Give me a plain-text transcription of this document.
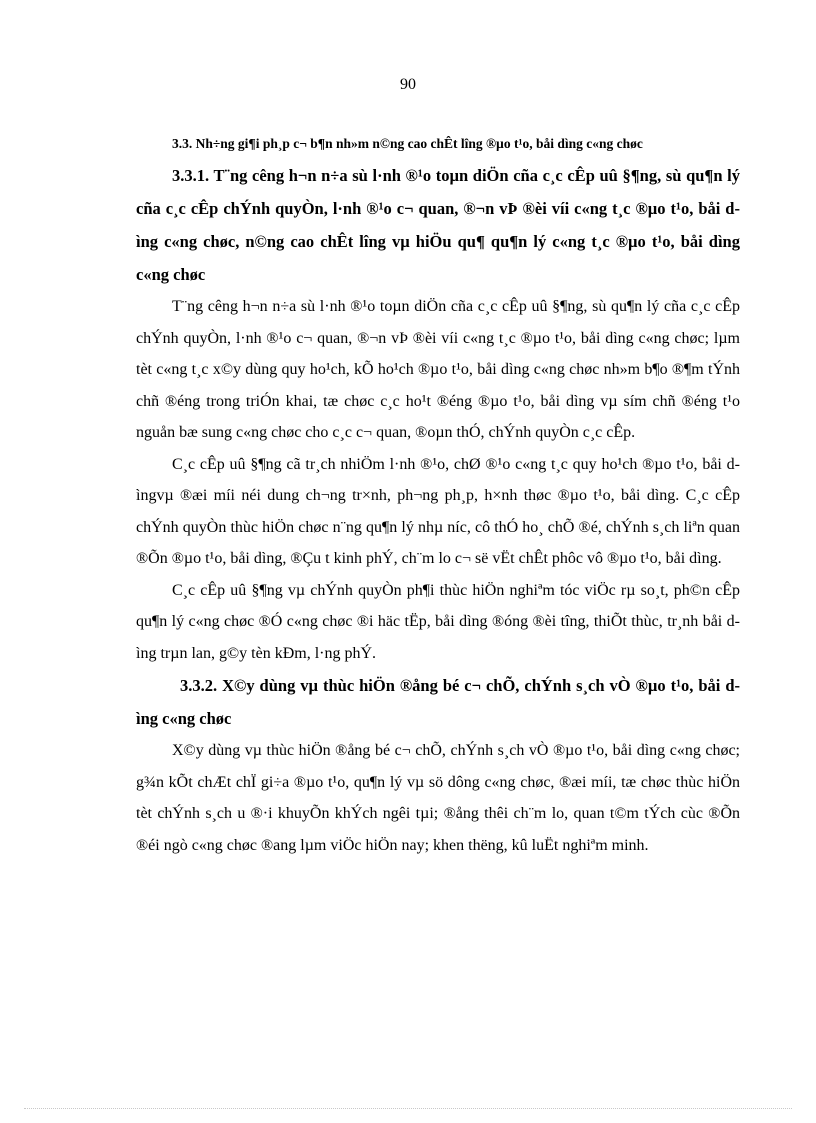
90

3.3. Nh÷ng gi¶i ph¸p c¬ b¶n nh»m n©ng cao chÊt lîng ®µo t¹o, båi dìng c«ng chøc

3.3.1. T¨ng cêng h¬n n÷a sù l·nh ®¹o toµn diÖn cña c¸c cÊp uû §¶ng, sù qu¶n lý cña c¸c cÊp chÝnh quyÒn, l·nh ®¹o c¬ quan, ®¬n vÞ ®èi víi c«ng t¸c ®µo t¹o, båi dìng c«ng chøc, n©ng cao chÊt lîng vµ hiÖu qu¶ qu¶n lý c«ng t¸c ®µo t¹o, båi dìng c«ng chøc

T¨ng cêng h¬n n÷a sù l·nh ®¹o toµn diÖn cña c¸c cÊp uû §¶ng, sù qu¶n lý cña c¸c cÊp chÝnh quyÒn, l·nh ®¹o c¬ quan, ®¬n vÞ ®èi víi c«ng t¸c ®µo t¹o, båi dìng c«ng chøc; lµm tèt c«ng t¸c x©y dùng quy ho¹ch, kÕ ho¹ch ®µo t¹o, båi dìng c«ng chøc nh»m b¶o ®¶m tÝnh chñ ®éng trong triÓn khai, tæ chøc c¸c ho¹t ®éng ®µo t¹o, båi dìng vµ sím chñ ®éng t¹o nguån bæ sung c«ng chøc cho c¸c c¬ quan, ®oµn thÓ, chÝnh quyÒn c¸c cÊp.

C¸c cÊp uû §¶ng cã tr¸ch nhiÖm l·nh ®¹o, chØ ®¹o c«ng t¸c quy ho¹ch ®µo t¹o, båi dìngvµ ®æi míi néi dung ch¬ng tr×nh, ph¬ng ph¸p, h×nh thøc ®µo t¹o, båi dìng. C¸c cÊp chÝnh quyÒn thùc hiÖn chøc n¨ng qu¶n lý nhµ níc, cô thÓ ho¸ chÕ ®é, chÝnh s¸ch liªn quan ®Õn ®µo t¹o, båi dìng, ®Çu t kinh phÝ, ch¨m lo c¬ së vËt chÊt phôc vô ®µo t¹o, båi dìng.

C¸c cÊp uû §¶ng vµ chÝnh quyÒn ph¶i thùc hiÖn nghiªm tóc viÖc rµ so¸t, ph©n cÊp qu¶n lý c«ng chøc ®Ó c«ng chøc ®i häc tËp, båi dìng ®óng ®èi tîng, thiÕt thùc, tr¸nh båi dìng trµn lan, g©y tèn kÐm, l·ng phÝ.

3.3.2. X©y dùng vµ thùc hiÖn ®ång bé c¬ chÕ, chÝnh s¸ch vÒ ®µo t¹o, båi dìng c«ng chøc

X©y dùng vµ thùc hiÖn ®ång bé c¬ chÕ, chÝnh s¸ch vÒ ®µo t¹o, båi dìng c«ng chøc; g¾n kÕt chÆt chÏ gi÷a ®µo t¹o, qu¶n lý vµ sö dông c«ng chøc, ®æi míi, tæ chøc thùc hiÖn tèt chÝnh s¸ch u ®·i khuyÕn khÝch ngêi tµi; ®ång thêi ch¨m lo, quan t©m tÝch cùc ®Õn ®éi ngò c«ng chøc ®ang lµm viÖc hiÖn nay; khen thëng, kû luËt nghiªm minh.
